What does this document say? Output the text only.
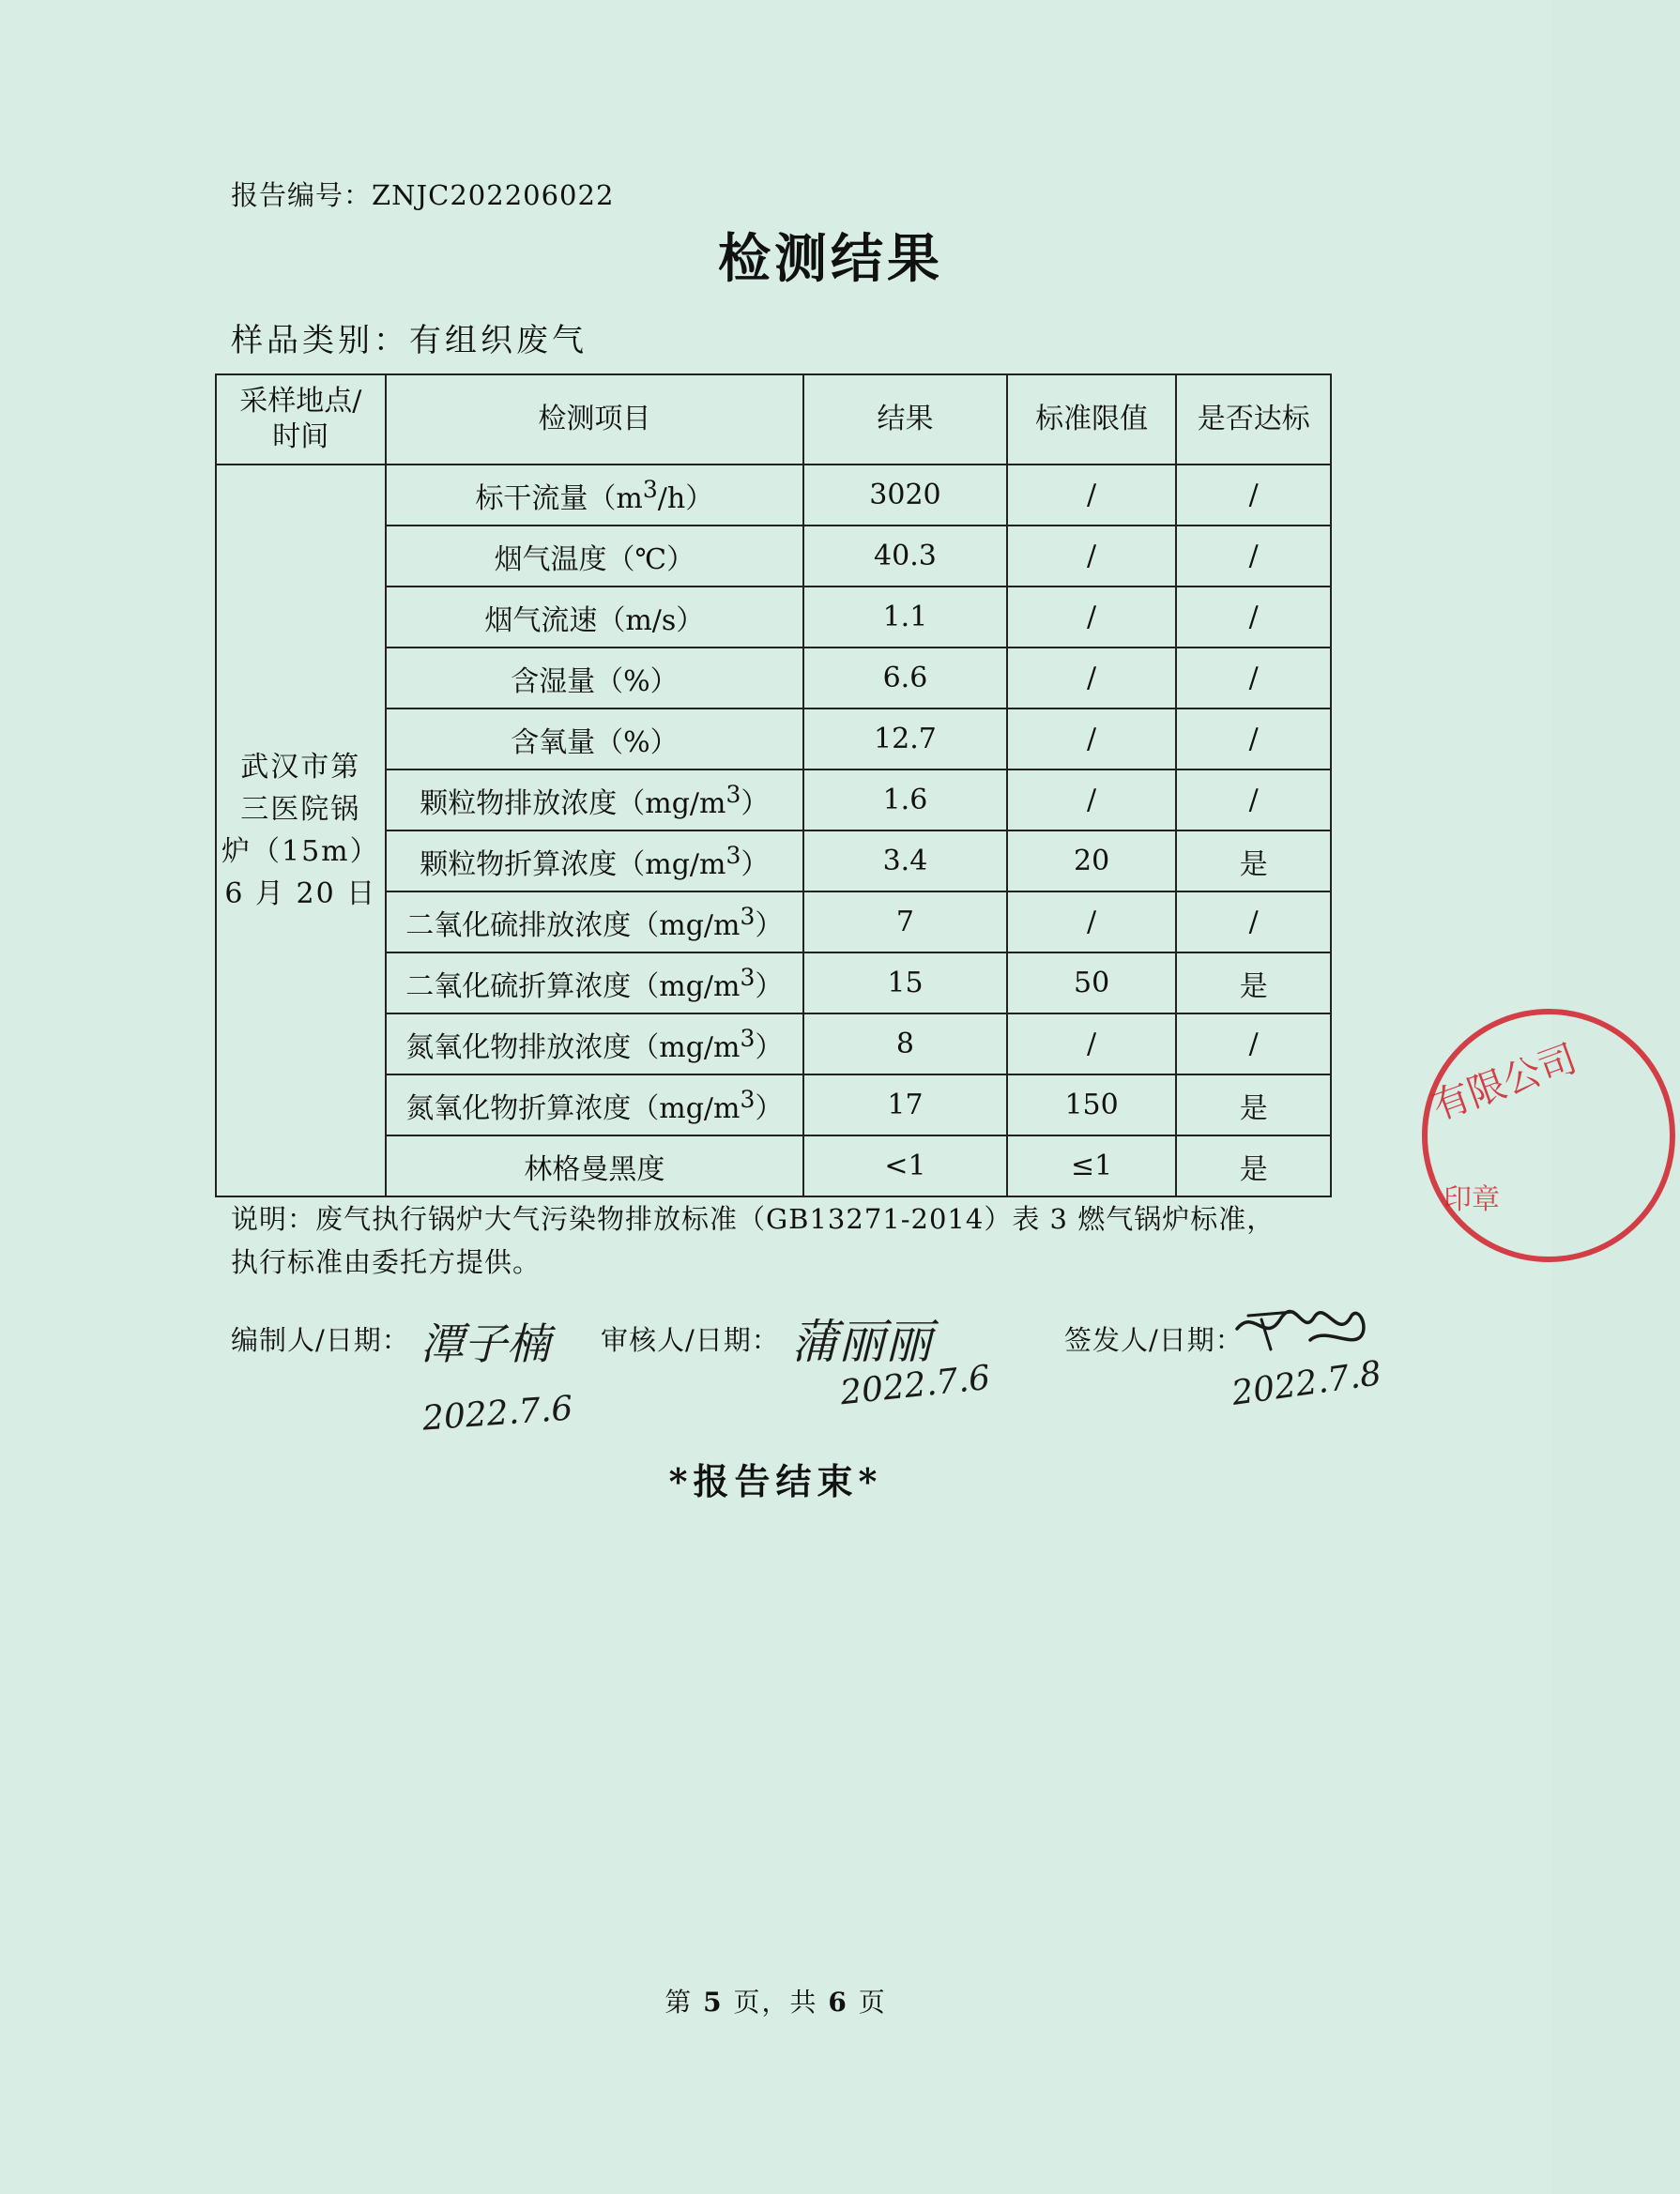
报告编号：ZNJC202206022
检测结果
样品类别：有组织废气
采样地点/
时间	检测项目	结果	标准限值	是否达标

武汉市第
三医院锅
炉（15m）
6 月 20 日	标干流量$(m^3/h)$	3020	/	/
	烟气温度（℃）	40.3	/	/
	烟气流速（m/s）	1.1	/	/
	含湿量（%）	6.6	/	/
	含氧量（%）	12.7	/	/
	颗粒物排放浓度$(mg/m^3)$	1.6	/	/
	颗粒物折算浓度$(mg/m^3)$	3.4	20	是
	二氧化硫排放浓度$(mg/m^3)$	7	/	/
	二氧化硫折算浓度$(mg/m^3)$	15	50	是
	氮氧化物排放浓度$(mg/m^3)$	8	/	/
	氮氧化物折算浓度$(mg/m^3)$	17	150	是
	林格曼黑度	<1	≤1	是
说明：废气执行锅炉大气污染物排放标准（GB13271-2014）表 3 燃气锅炉标准，
执行标准由委托方提供。
编制人/日期： 潭子楠
2022.7.6
审核人/日期： 蒲丽丽
2022.7.6
签发人/日期：
2022.7.8
*报告结束*
第 5 页，共 6 页
有限公司
印章
